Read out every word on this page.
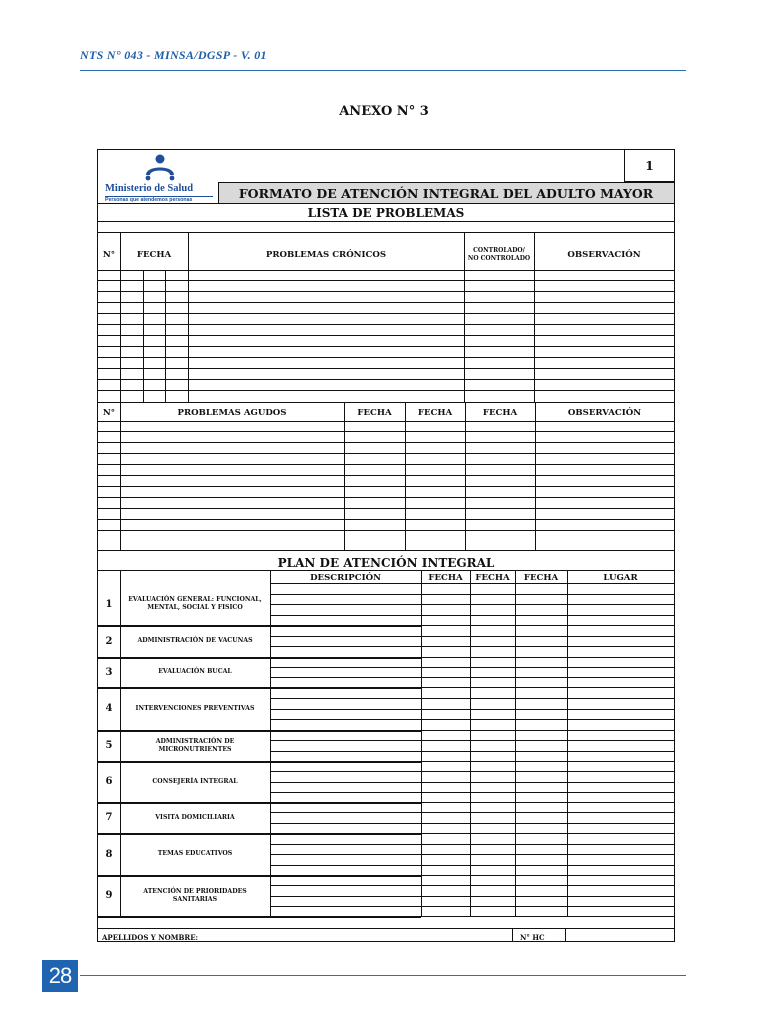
NTS N° 043 - MINSA/DGSP - V. 01
ANEXO N° 3
Ministerio de Salud
Personas que atendemos personas
1
FORMATO DE ATENCIÓN INTEGRAL DEL ADULTO MAYOR
LISTA DE PROBLEMAS
N°	FECHA	PROBLEMAS CRÓNICOS	CONTROLADO/
NO CONTROLADO	OBSERVACIÓN
N°	PROBLEMAS AGUDOS	FECHA	FECHA	FECHA	OBSERVACIÓN
PLAN DE ATENCIÓN INTEGRAL
DESCRIPCIÓN	FECHA	FECHA	FECHA	LUGAR
1	EVALUACIÓN GENERAL: FUNCIONAL, MENTAL, SOCIAL Y FISICO
2	ADMINISTRACIÓN DE VACUNAS
3	EVALUACIÓN BUCAL
4	INTERVENCIONES PREVENTIVAS
5	ADMINISTRACIÓN DE MICRONUTRIENTES
6	CONSEJERÍA INTEGRAL
7	VISITA DOMICILIARIA
8	TEMAS EDUCATIVOS
9	ATENCIÓN DE PRIORIDADES SANITARIAS
APELLIDOS Y NOMBRE:	N° HC
28
